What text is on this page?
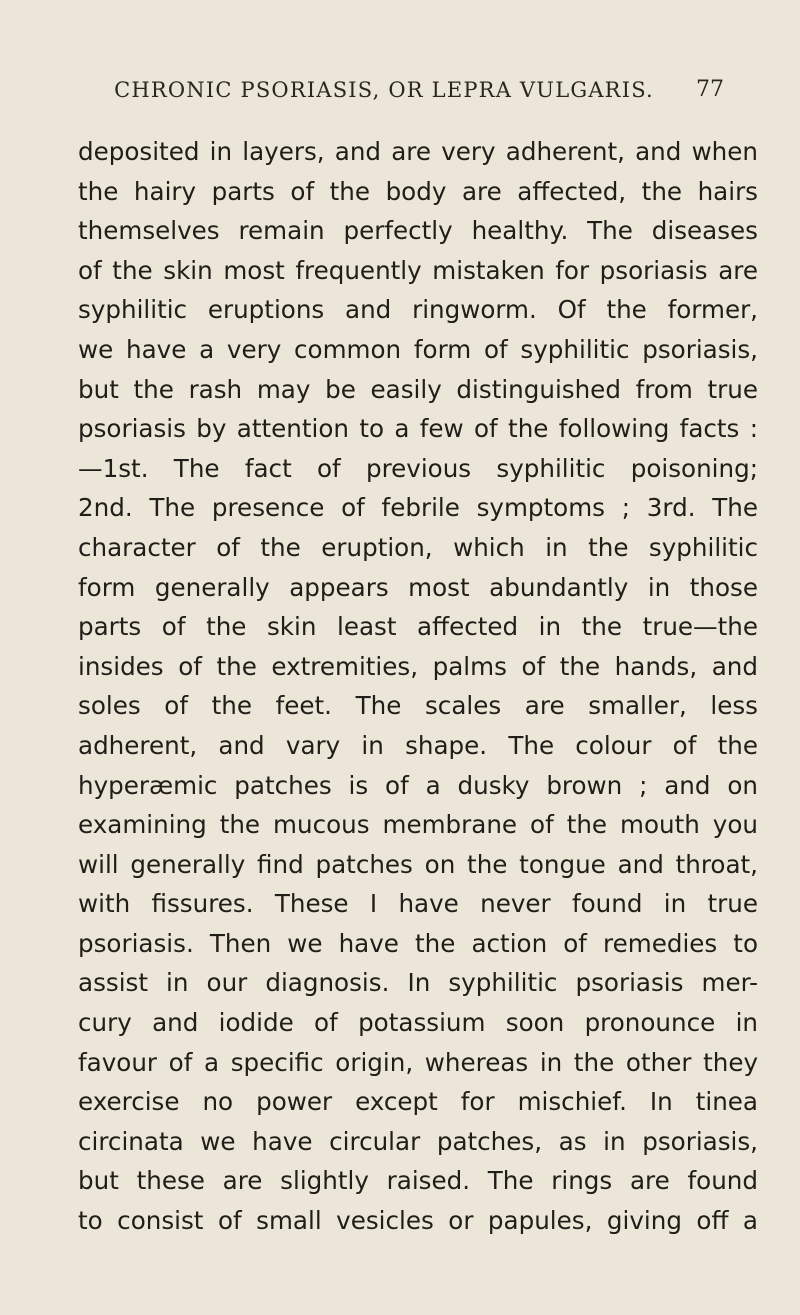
CHRONIC PSORIASIS, OR LEPRA VULGARIS.	77
deposited in layers, and are very adherent, and when
the hairy parts of the body are affected, the hairs
themselves remain perfectly healthy. The diseases
of the skin most frequently mistaken for psoriasis are
syphilitic eruptions and ringworm. Of the former,
we have a very common form of syphilitic psoriasis,
but the rash may be easily distinguished from true
psoriasis by attention to a few of the following facts :
—1st. The fact of previous syphilitic poisoning;
2nd. The presence of febrile symptoms ; 3rd. The
character of the eruption, which in the syphilitic
form generally appears most abundantly in those
parts of the skin least affected in the true—the
insides of the extremities, palms of the hands, and
soles of the feet. The scales are smaller, less
adherent, and vary in shape. The colour of the
hyperæmic patches is of a dusky brown ; and on
examining the mucous membrane of the mouth you
will generally find patches on the tongue and throat,
with fissures. These I have never found in true
psoriasis. Then we have the action of remedies to
assist in our diagnosis. In syphilitic psoriasis mer-
cury and iodide of potassium soon pronounce in
favour of a specific origin, whereas in the other they
exercise no power except for mischief. In tinea
circinata we have circular patches, as in psoriasis,
but these are slightly raised. The rings are found
to consist of small vesicles or papules, giving off a
